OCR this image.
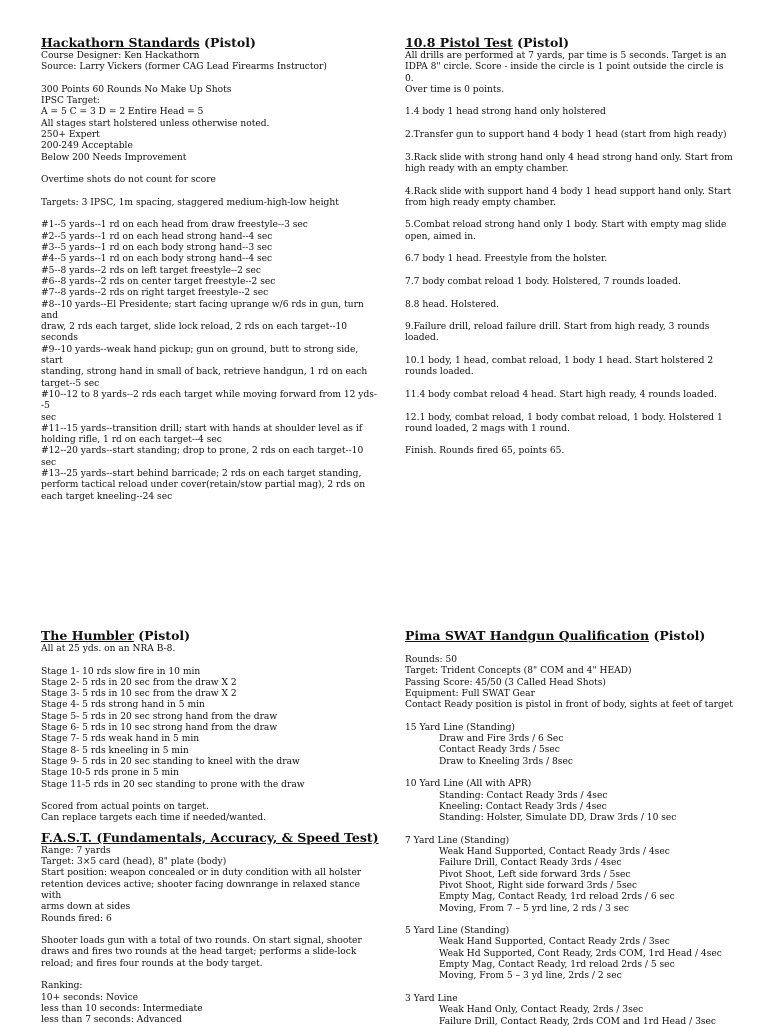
Hackathorn Standards (Pistol)
Course Designer: Ken Hackathorn
Source: Larry Vickers (former CAG Lead Firearms Instructor)
300 Points 60 Rounds No Make Up Shots
IPSC Target:
A = 5 C = 3 D = 2 Entire Head = 5
All stages start holstered unless otherwise noted.
250+ Expert
200-249 Acceptable
Below 200 Needs Improvement
Overtime shots do not count for score
Targets: 3 IPSC, 1m spacing, staggered medium-high-low height
#1--5 yards--1 rd on each head from draw freestyle--3 sec
#2--5 yards--1 rd on each head strong hand--4 sec
#3--5 yards--1 rd on each body strong hand--3 sec
#4--5 yards--1 rd on each body strong hand--4 sec
#5--8 yards--2 rds on left target freestyle--2 sec
#6--8 yards--2 rds on center target freestyle--2 sec
#7--8 yards--2 rds on right target freestyle--2 sec
#8--10 yards--El Presidente; start facing uprange w/6 rds in gun, turn and
draw, 2 rds each target, slide lock reload, 2 rds on each target--10 seconds
#9--10 yards--weak hand pickup; gun on ground, butt to strong side, start
standing, strong hand in small of back, retrieve handgun, 1 rd on each
target--5 sec
#10--12 to 8 yards--2 rds each target while moving forward from 12 yds--5
sec
#11--15 yards--transition drill; start with hands at shoulder level as if
holding rifle, 1 rd on each target--4 sec
#12--20 yards--start standing; drop to prone, 2 rds on each target--10 sec
#13--25 yards--start behind barricade; 2 rds on each target standing,
perform tactical reload under cover(retain/stow partial mag), 2 rds on
each target kneeling--24 sec
10.8 Pistol Test (Pistol)
All drills are performed at 7 yards, par time is 5 seconds. Target is an
IDPA 8" circle. Score - inside the circle is 1 point outside the circle is 0.
Over time is 0 points.
1.4 body 1 head strong hand only holstered
2.Transfer gun to support hand 4 body 1 head (start from high ready)
3.Rack slide with strong hand only 4 head strong hand only. Start from
high ready with an empty chamber.
4.Rack slide with support hand 4 body 1 head support hand only. Start
from high ready empty chamber.
5.Combat reload strong hand only 1 body. Start with empty mag slide
open, aimed in.
6.7 body 1 head. Freestyle from the holster.
7.7 body combat reload 1 body. Holstered, 7 rounds loaded.
8.8 head. Holstered.
9.Failure drill, reload failure drill. Start from high ready, 3 rounds
loaded.
10.1 body, 1 head, combat reload, 1 body 1 head. Start holstered 2
rounds loaded.
11.4 body combat reload 4 head. Start high ready, 4 rounds loaded.
12.1 body, combat reload, 1 body combat reload, 1 body. Holstered 1
round loaded, 2 mags with 1 round.
Finish. Rounds fired 65, points 65.
The Humbler (Pistol)
All at 25 yds. on an NRA B-8.
Stage 1- 10 rds slow fire in 10 min
Stage 2- 5 rds in 20 sec from the draw X 2
Stage 3- 5 rds in 10 sec from the draw X 2
Stage 4- 5 rds strong hand in 5 min
Stage 5- 5 rds in 20 sec strong hand from the draw
Stage 6- 5 rds in 10 sec strong hand from the draw
Stage 7- 5 rds weak hand in 5 min
Stage 8- 5 rds kneeling in 5 min
Stage 9- 5 rds in 20 sec standing to kneel with the draw
Stage 10-5 rds prone in 5 min
Stage 11-5 rds in 20 sec standing to prone with the draw
Scored from actual points on target.
Can replace targets each time if needed/wanted.
F.A.S.T. (Fundamentals, Accuracy, & Speed Test)
Range: 7 yards
Target: 3×5 card (head), 8" plate (body)
Start position: weapon concealed or in duty condition with all holster
retention devices active; shooter facing downrange in relaxed stance with
arms down at sides
Rounds fired: 6
Shooter loads gun with a total of two rounds. On start signal, shooter
draws and fires two rounds at the head target; performs a slide-lock
reload; and fires four rounds at the body target.
Ranking:
10+ seconds: Novice
less than 10 seconds: Intermediate
less than 7 seconds: Advanced
Pima SWAT Handgun Qualification (Pistol)
Rounds: 50
Target: Trident Concepts (8" COM and 4" HEAD)
Passing Score: 45/50 (3 Called Head Shots)
Equipment: Full SWAT Gear
Contact Ready position is pistol in front of body, sights at feet of target
15 Yard Line (Standing)
Draw and Fire 3rds / 6 Sec
Contact Ready 3rds / 5sec
Draw to Kneeling 3rds / 8sec
10 Yard Line (All with APR)
Standing: Contact Ready 3rds / 4sec
Kneeling: Contact Ready 3rds / 4sec
Standing: Holster, Simulate DD, Draw 3rds / 10 sec
7 Yard Line (Standing)
Weak Hand Supported, Contact Ready 3rds / 4sec
Failure Drill, Contact Ready 3rds / 4sec
Pivot Shoot, Left side forward 3rds / 5sec
Pivot Shoot, Right side forward 3rds / 5sec
Empty Mag, Contact Ready, 1rd reload 2rds / 6 sec
Moving, From 7 – 5 yrd line, 2 rds / 3 sec
5 Yard Line (Standing)
Weak Hand Supported, Contact Ready 2rds / 3sec
Weak Hd Supported, Cont Ready, 2rds COM, 1rd Head / 4sec
Empty Mag, Contact Ready, 1rd reload 2rds / 5 sec
Moving, From 5 – 3 yd line, 2rds / 2 sec
3 Yard Line
Weak Hand Only, Contact Ready, 2rds / 3sec
Failure Drill, Contact Ready, 2rds COM and 1rd Head / 3sec
